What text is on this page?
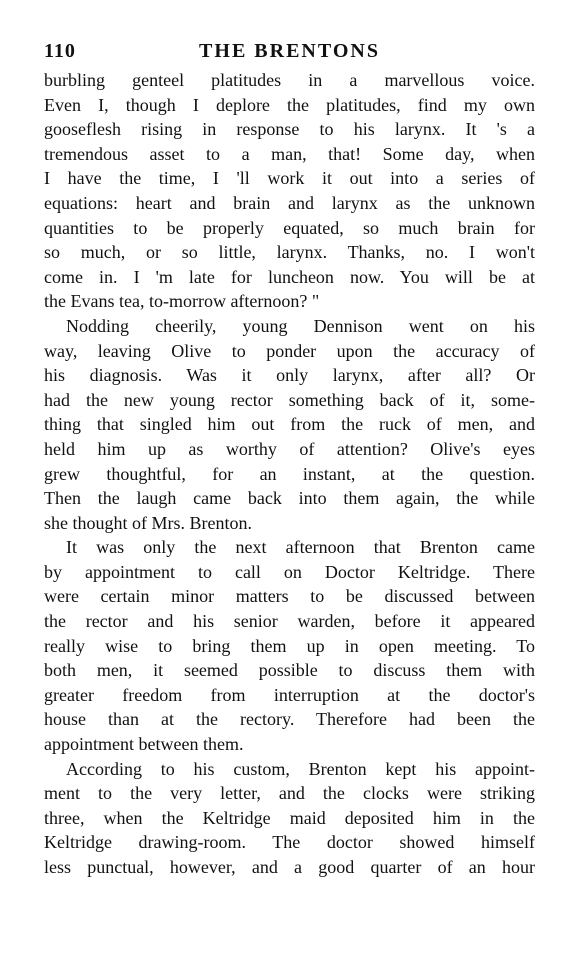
110	THE BRENTONS

burbling genteel platitudes in a marvellous voice.
Even I, though I deplore the platitudes, find my own
gooseflesh rising in response to his larynx. It 's a
tremendous asset to a man, that! Some day, when
I have the time, I 'll work it out into a series of
equations: heart and brain and larynx as the unknown
quantities to be properly equated, so much brain for
so much, or so little, larynx. Thanks, no. I won't
come in. I 'm late for luncheon now. You will be at
the Evans tea, to-morrow afternoon? "

Nodding cheerily, young Dennison went on his
way, leaving Olive to ponder upon the accuracy of
his diagnosis. Was it only larynx, after all? Or
had the new young rector something back of it, some-
thing that singled him out from the ruck of men, and
held him up as worthy of attention? Olive's eyes
grew thoughtful, for an instant, at the question.
Then the laugh came back into them again, the while
she thought of Mrs. Brenton.

It was only the next afternoon that Brenton came
by appointment to call on Doctor Keltridge. There
were certain minor matters to be discussed between
the rector and his senior warden, before it appeared
really wise to bring them up in open meeting. To
both men, it seemed possible to discuss them with
greater freedom from interruption at the doctor's
house than at the rectory. Therefore had been the
appointment between them.

According to his custom, Brenton kept his appoint-
ment to the very letter, and the clocks were striking
three, when the Keltridge maid deposited him in the
Keltridge drawing-room. The doctor showed himself
less punctual, however, and a good quarter of an hour
